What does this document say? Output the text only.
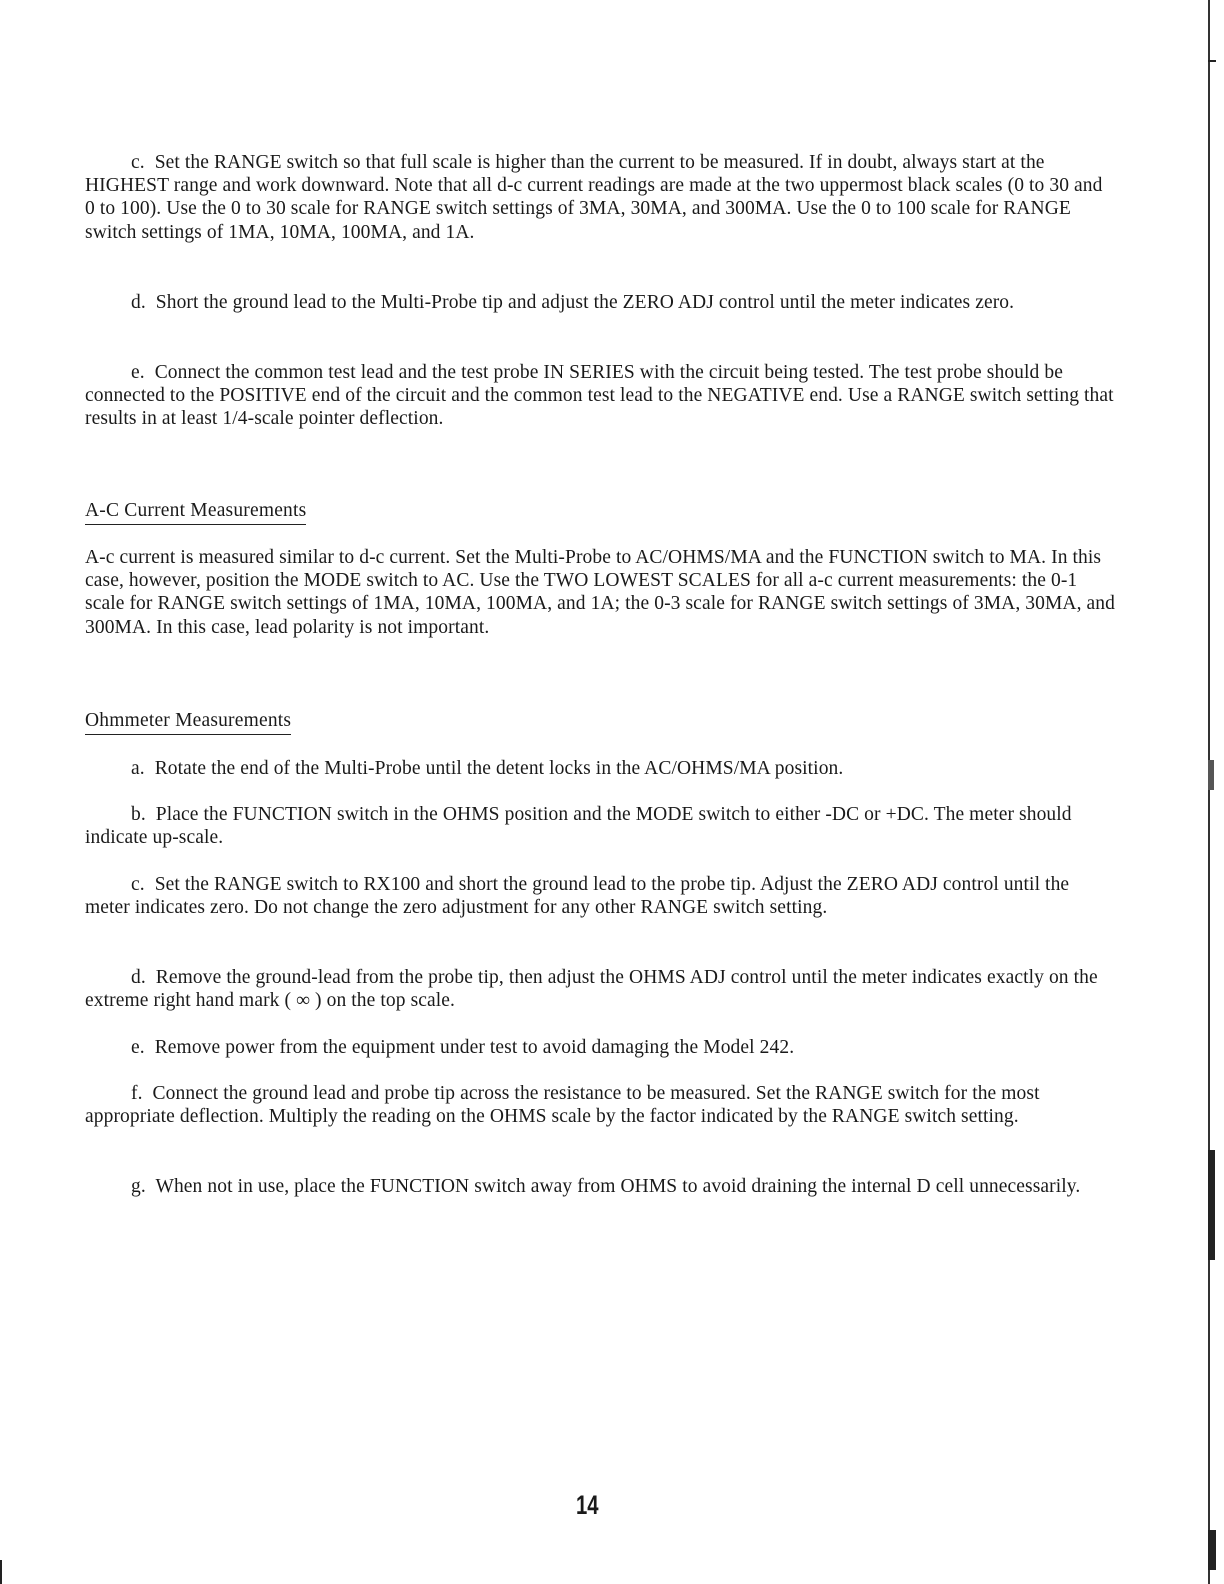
c. Set the RANGE switch so that full scale is higher than the current to be measured. If in doubt, always start at the HIGHEST range and work downward. Note that all d-c current readings are made at the two uppermost black scales (0 to 30 and 0 to 100). Use the 0 to 30 scale for RANGE switch settings of 3MA, 30MA, and 300MA. Use the 0 to 100 scale for RANGE switch settings of 1MA, 10MA, 100MA, and 1A.

d. Short the ground lead to the Multi-Probe tip and adjust the ZERO ADJ control until the meter indicates zero.

e. Connect the common test lead and the test probe IN SERIES with the circuit being tested. The test probe should be connected to the POSITIVE end of the circuit and the common test lead to the NEGATIVE end. Use a RANGE switch setting that results in at least 1/4-scale pointer deflection.

A-C Current Measurements

A-c current is measured similar to d-c current. Set the Multi-Probe to AC/OHMS/MA and the FUNCTION switch to MA. In this case, however, position the MODE switch to AC. Use the TWO LOWEST SCALES for all a-c current measurements: the 0-1 scale for RANGE switch settings of 1MA, 10MA, 100MA, and 1A; the 0-3 scale for RANGE switch settings of 3MA, 30MA, and 300MA. In this case, lead polarity is not important.

Ohmmeter Measurements

a. Rotate the end of the Multi-Probe until the detent locks in the AC/OHMS/MA position.

b. Place the FUNCTION switch in the OHMS position and the MODE switch to either -DC or +DC. The meter should indicate up-scale.

c. Set the RANGE switch to RX100 and short the ground lead to the probe tip. Adjust the ZERO ADJ control until the meter indicates zero. Do not change the zero adjustment for any other RANGE switch setting.

d. Remove the ground-lead from the probe tip, then adjust the OHMS ADJ control until the meter indicates exactly on the extreme right hand mark ( ∞ ) on the top scale.

e. Remove power from the equipment under test to avoid damaging the Model 242.

f. Connect the ground lead and probe tip across the resistance to be measured. Set the RANGE switch for the most appropriate deflection. Multiply the reading on the OHMS scale by the factor indicated by the RANGE switch setting.

g. When not in use, place the FUNCTION switch away from OHMS to avoid draining the internal D cell unnecessarily.

14
